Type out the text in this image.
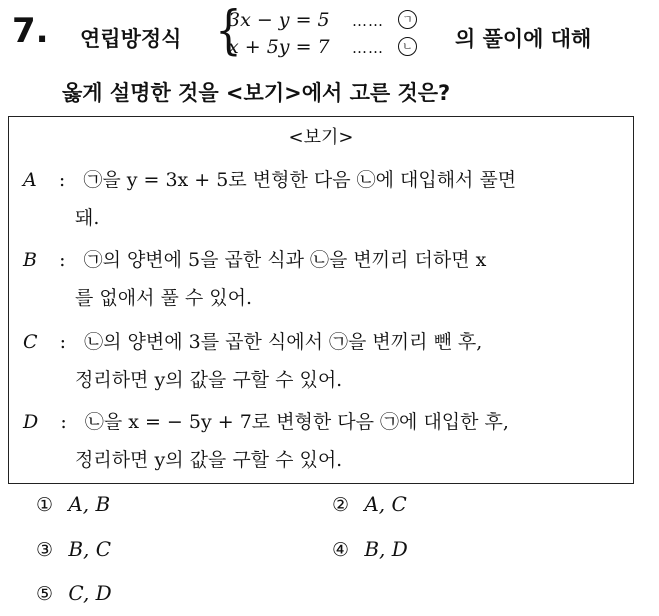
7. 연립방정식 {
3x − y = 5
x + 5y = 7
……
……
ㄱ
ㄴ 의 풀이에 대해
옳게 설명한 것을 <보기>에서 고른 것은?
<보기>
A : ㉠을 y = 3x + 5로 변형한 다음 ㉡에 대입해서 풀면
돼.
B : ㉠의 양변에 5을 곱한 식과 ㉡을 변끼리 더하면 x
를 없애서 풀 수 있어.
C : ㉡의 양변에 3를 곱한 식에서 ㉠을 변끼리 뺀 후,
정리하면 y의 값을 구할 수 있어.
D : ㉡을 x = − 5y + 7로 변형한 다음 ㉠에 대입한 후,
정리하면 y의 값을 구할 수 있어.
① A, B	② A, C
③ B, C	④ B, D
⑤ C, D
